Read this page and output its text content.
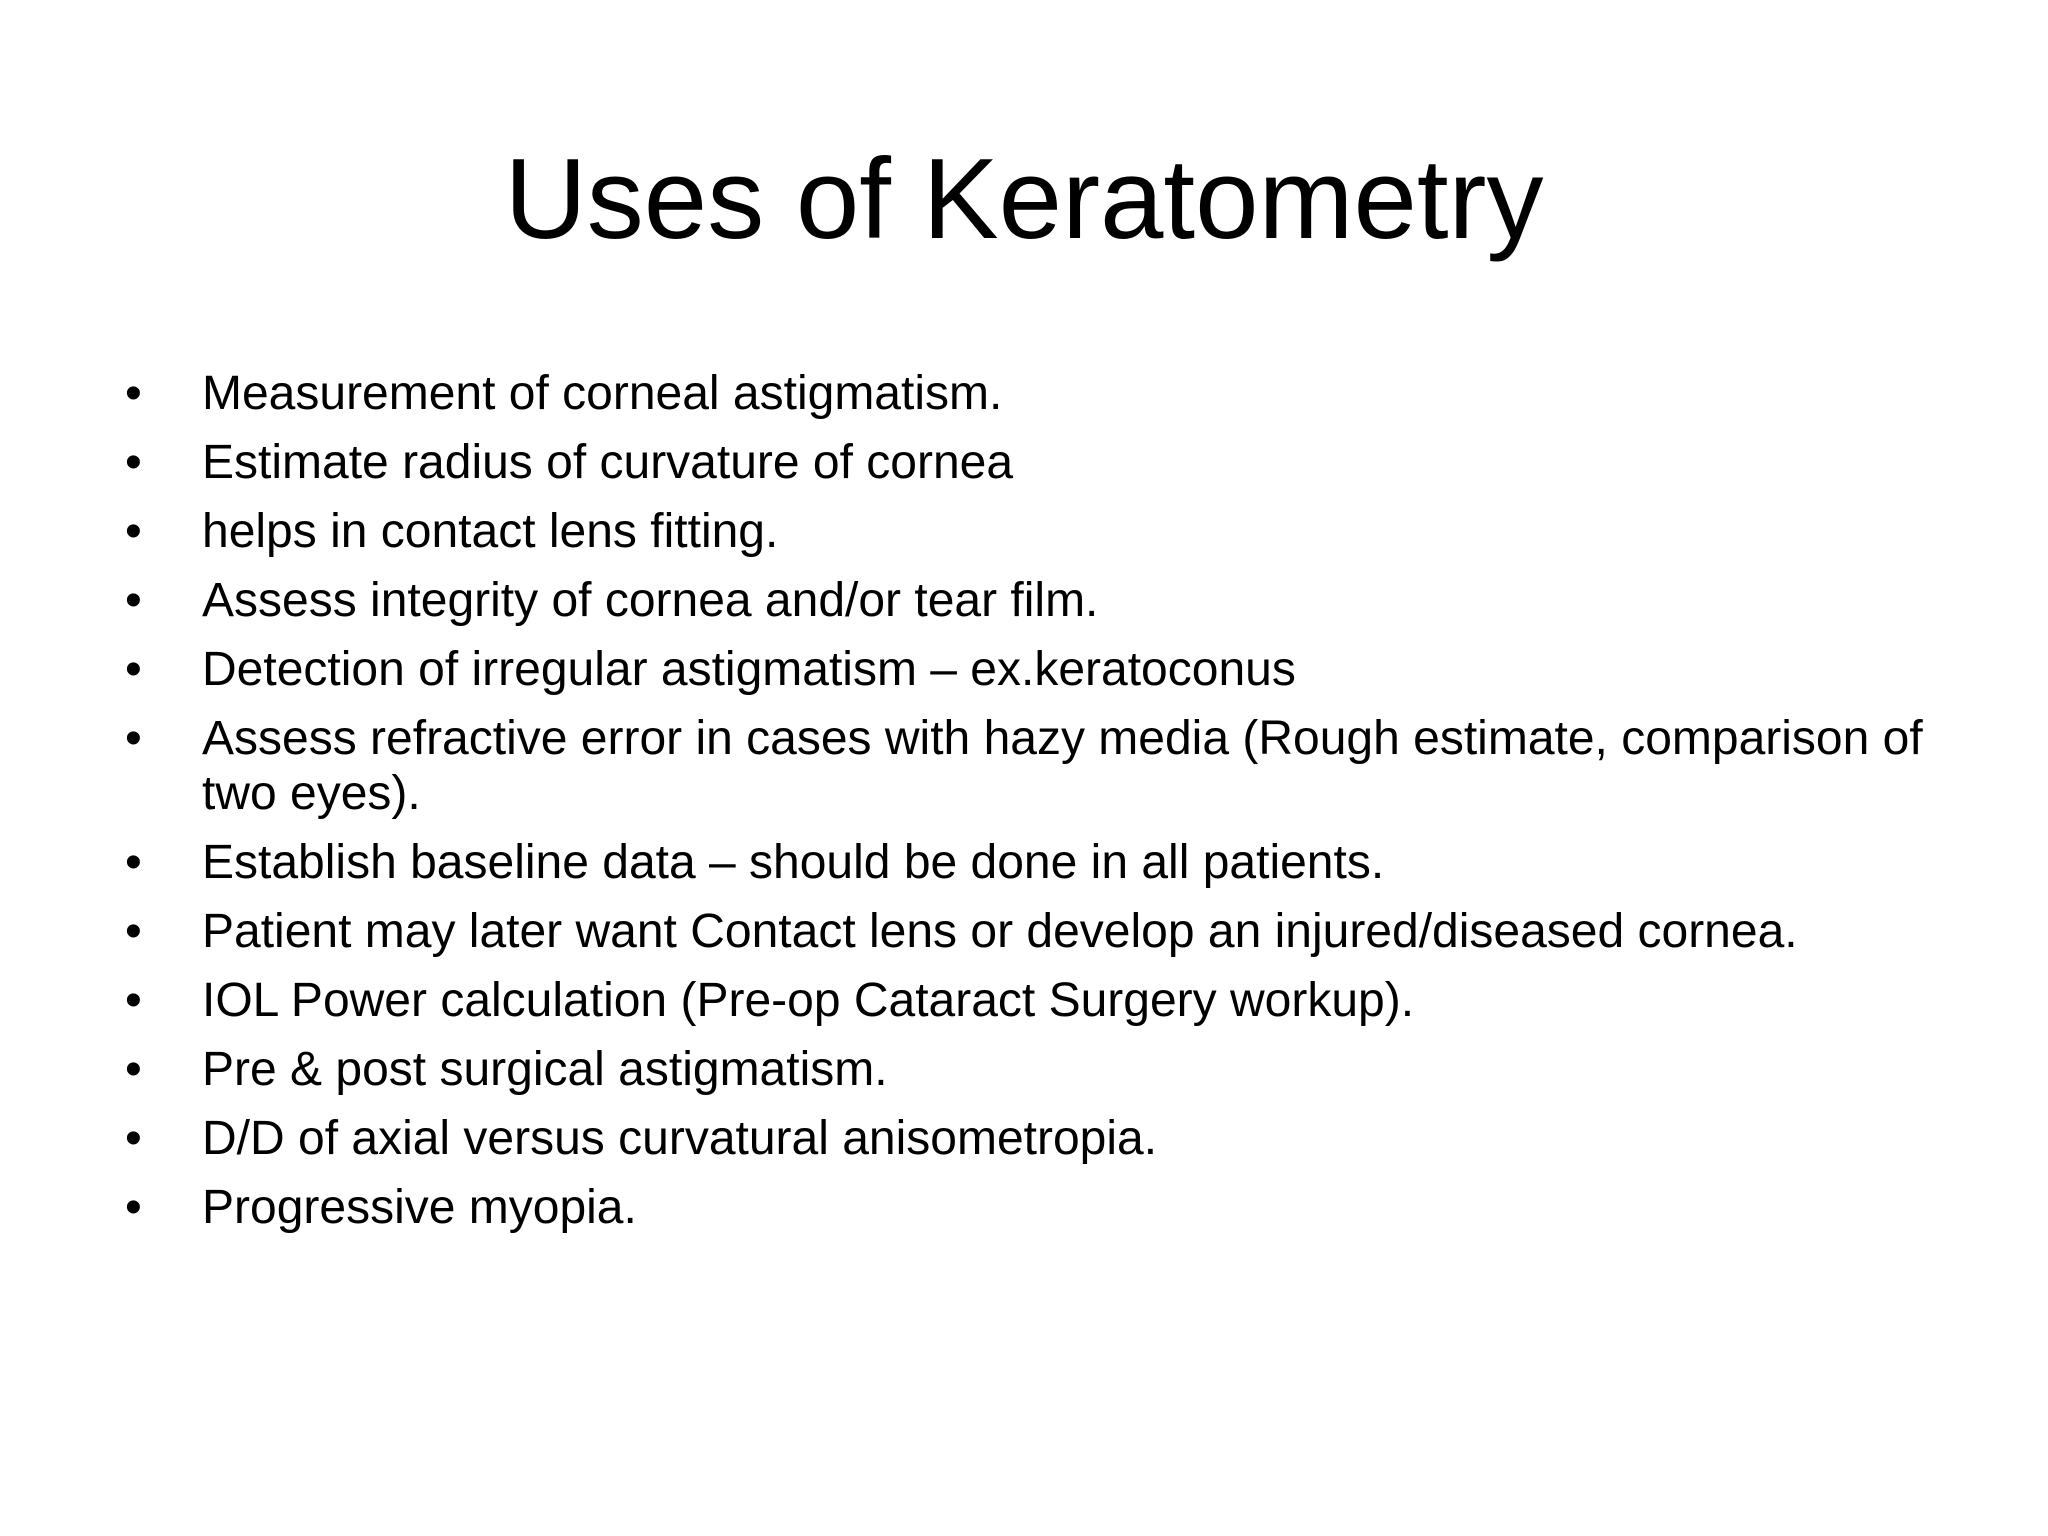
Uses of Keratometry
• Measurement of corneal astigmatism.
• Estimate radius of curvature of cornea
• helps in contact lens fitting.
• Assess integrity of cornea and/or tear film.
• Detection of irregular astigmatism – ex.keratoconus
• Assess refractive error in cases with hazy media (Rough estimate, comparison of two eyes).
• Establish baseline data – should be done in all patients.
• Patient may later want Contact lens or develop an injured/diseased cornea.
• IOL Power calculation (Pre-op Cataract Surgery workup).
• Pre & post surgical astigmatism.
• D/D of axial versus curvatural anisometropia.
• Progressive myopia.
